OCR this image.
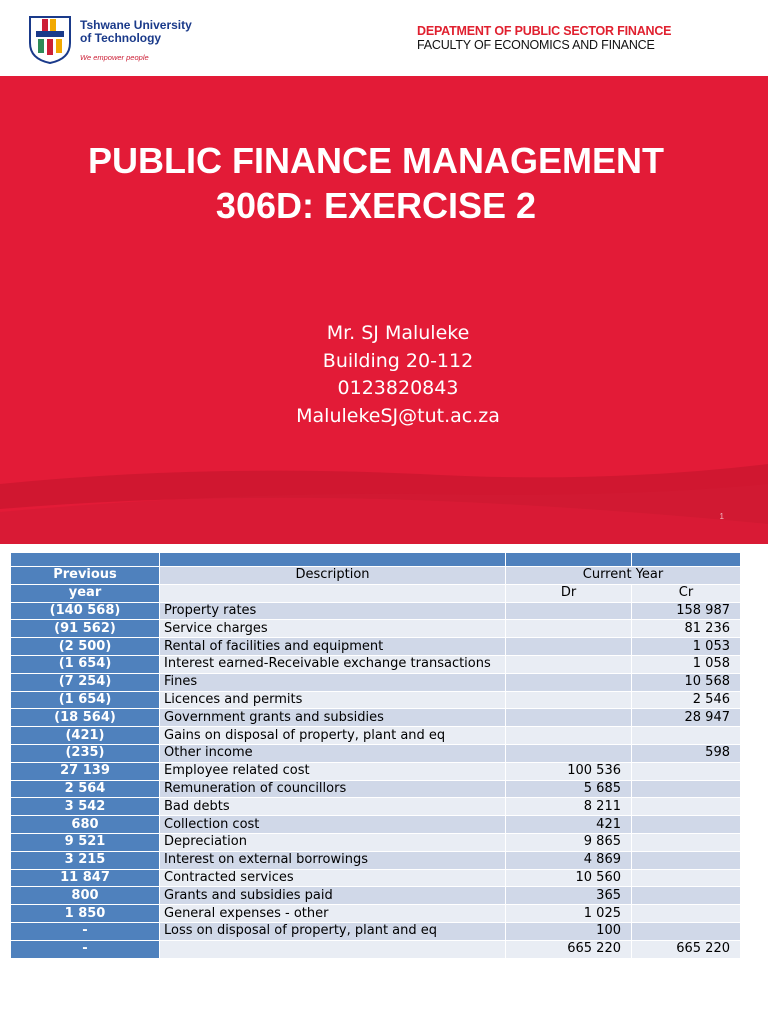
Tshwane University
of Technology
We empower people
DEPATMENT OF PUBLIC SECTOR FINANCE
FACULTY OF ECONOMICS AND FINANCE
PUBLIC FINANCE MANAGEMENT
306D: EXERCISE 2
Mr. SJ Maluleke
Building 20-112
0123820843
MalulekeSJ@tut.ac.za
1

Previous	Description	Current Year	
year		Dr	Cr
(140 568)	Property rates		158 987
(91 562)	Service charges		81 236
(2 500)	Rental of facilities and equipment		1 053
(1 654)	Interest earned-Receivable exchange transactions		1 058
(7 254)	Fines		10 568
(1 654)	Licences and permits		2 546
(18 564)	Government grants and subsidies		28 947
(421)	Gains on disposal of property, plant and eq		
(235)	Other income		598
27 139	Employee related cost	100 536	
2 564	Remuneration of councillors	5 685	
3 542	Bad debts	8 211	
680	Collection cost	421	
9 521	Depreciation	9 865	
3 215	Interest on external borrowings	4 869	
11 847	Contracted services	10 560	
800	Grants and subsidies paid	365	
1 850	General expenses - other	1 025	
-	Loss on disposal of property, plant and eq	100	
-		665 220	665 220
